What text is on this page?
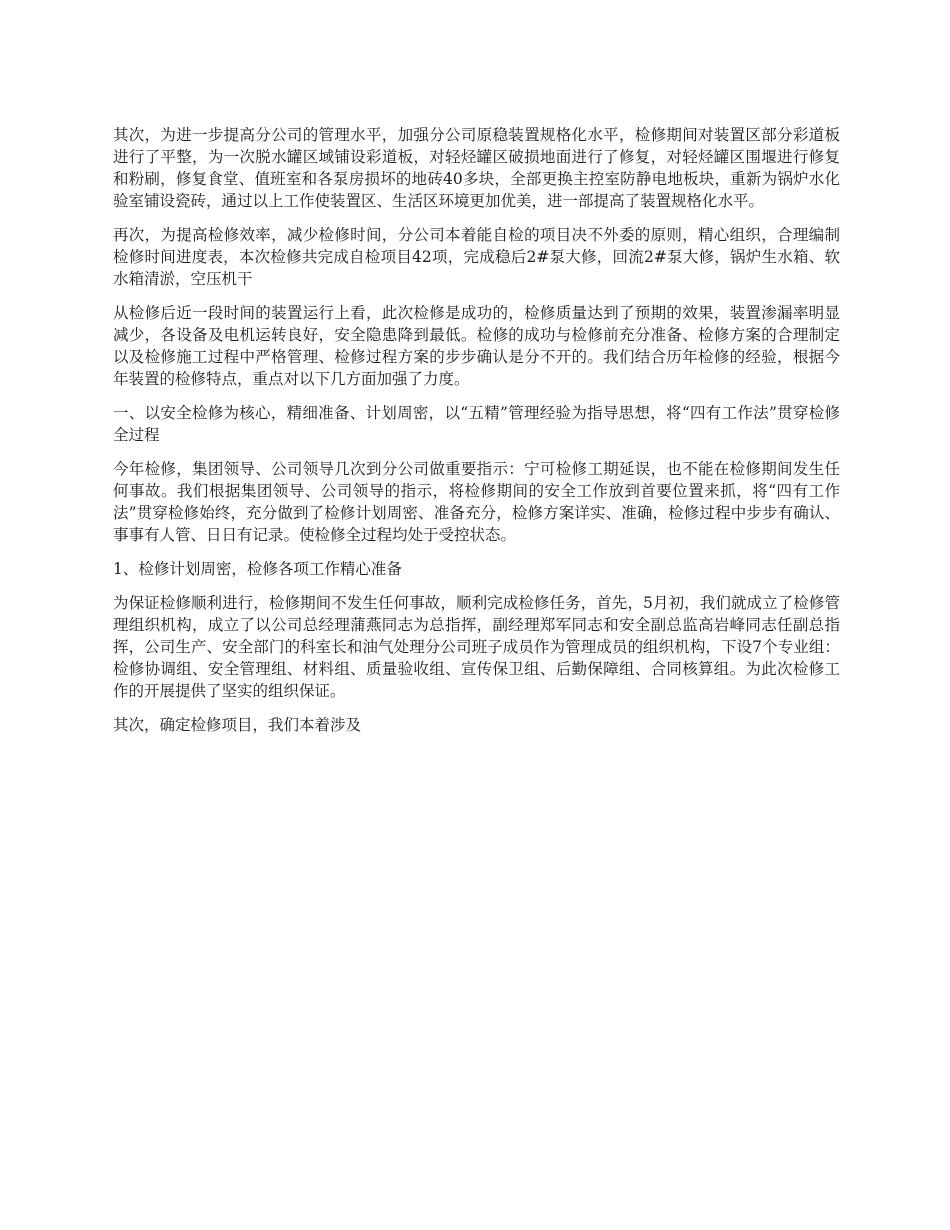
其次，为进一步提高分公司的管理水平，加强分公司原稳装置规格化水平，检修期间对装置区部分彩道板进行了平整，为一次脱水罐区域铺设彩道板，对轻烃罐区破损地面进行了修复，对轻烃罐区围堰进行修复和粉刷，修复食堂、值班室和各泵房损坏的地砖40多块，全部更换主控室防静电地板块，重新为锅炉水化验室铺设瓷砖，通过以上工作使装置区、生活区环境更加优美，进一部提高了装置规格化水平。

再次，为提高检修效率，减少检修时间，分公司本着能自检的项目决不外委的原则，精心组织，合理编制检修时间进度表，本次检修共完成自检项目42项，完成稳后2#泵大修，回流2#泵大修，锅炉生水箱、软水箱清淤，空压机干

从检修后近一段时间的装置运行上看，此次检修是成功的，检修质量达到了预期的效果，装置渗漏率明显减少，各设备及电机运转良好，安全隐患降到最低。检修的成功与检修前充分准备、检修方案的合理制定以及检修施工过程中严格管理、检修过程方案的步步确认是分不开的。我们结合历年检修的经验，根据今年装置的检修特点，重点对以下几方面加强了力度。

一、以安全检修为核心，精细准备、计划周密，以“五精”管理经验为指导思想，将“四有工作法”贯穿检修全过程

今年检修，集团领导、公司领导几次到分公司做重要指示：宁可检修工期延误，也不能在检修期间发生任何事故。我们根据集团领导、公司领导的指示，将检修期间的安全工作放到首要位置来抓，将“四有工作法”贯穿检修始终，充分做到了检修计划周密、准备充分，检修方案详实、准确，检修过程中步步有确认、事事有人管、日日有记录。使检修全过程均处于受控状态。

1、检修计划周密，检修各项工作精心准备

为保证检修顺利进行，检修期间不发生任何事故，顺利完成检修任务，首先，5月初，我们就成立了检修管理组织机构，成立了以公司总经理蒲燕同志为总指挥，副经理郑军同志和安全副总监高岩峰同志任副总指挥，公司生产、安全部门的科室长和油气处理分公司班子成员作为管理成员的组织机构，下设7个专业组：检修协调组、安全管理组、材料组、质量验收组、宣传保卫组、后勤保障组、合同核算组。为此次检修工作的开展提供了坚实的组织保证。

其次，确定检修项目，我们本着涉及
